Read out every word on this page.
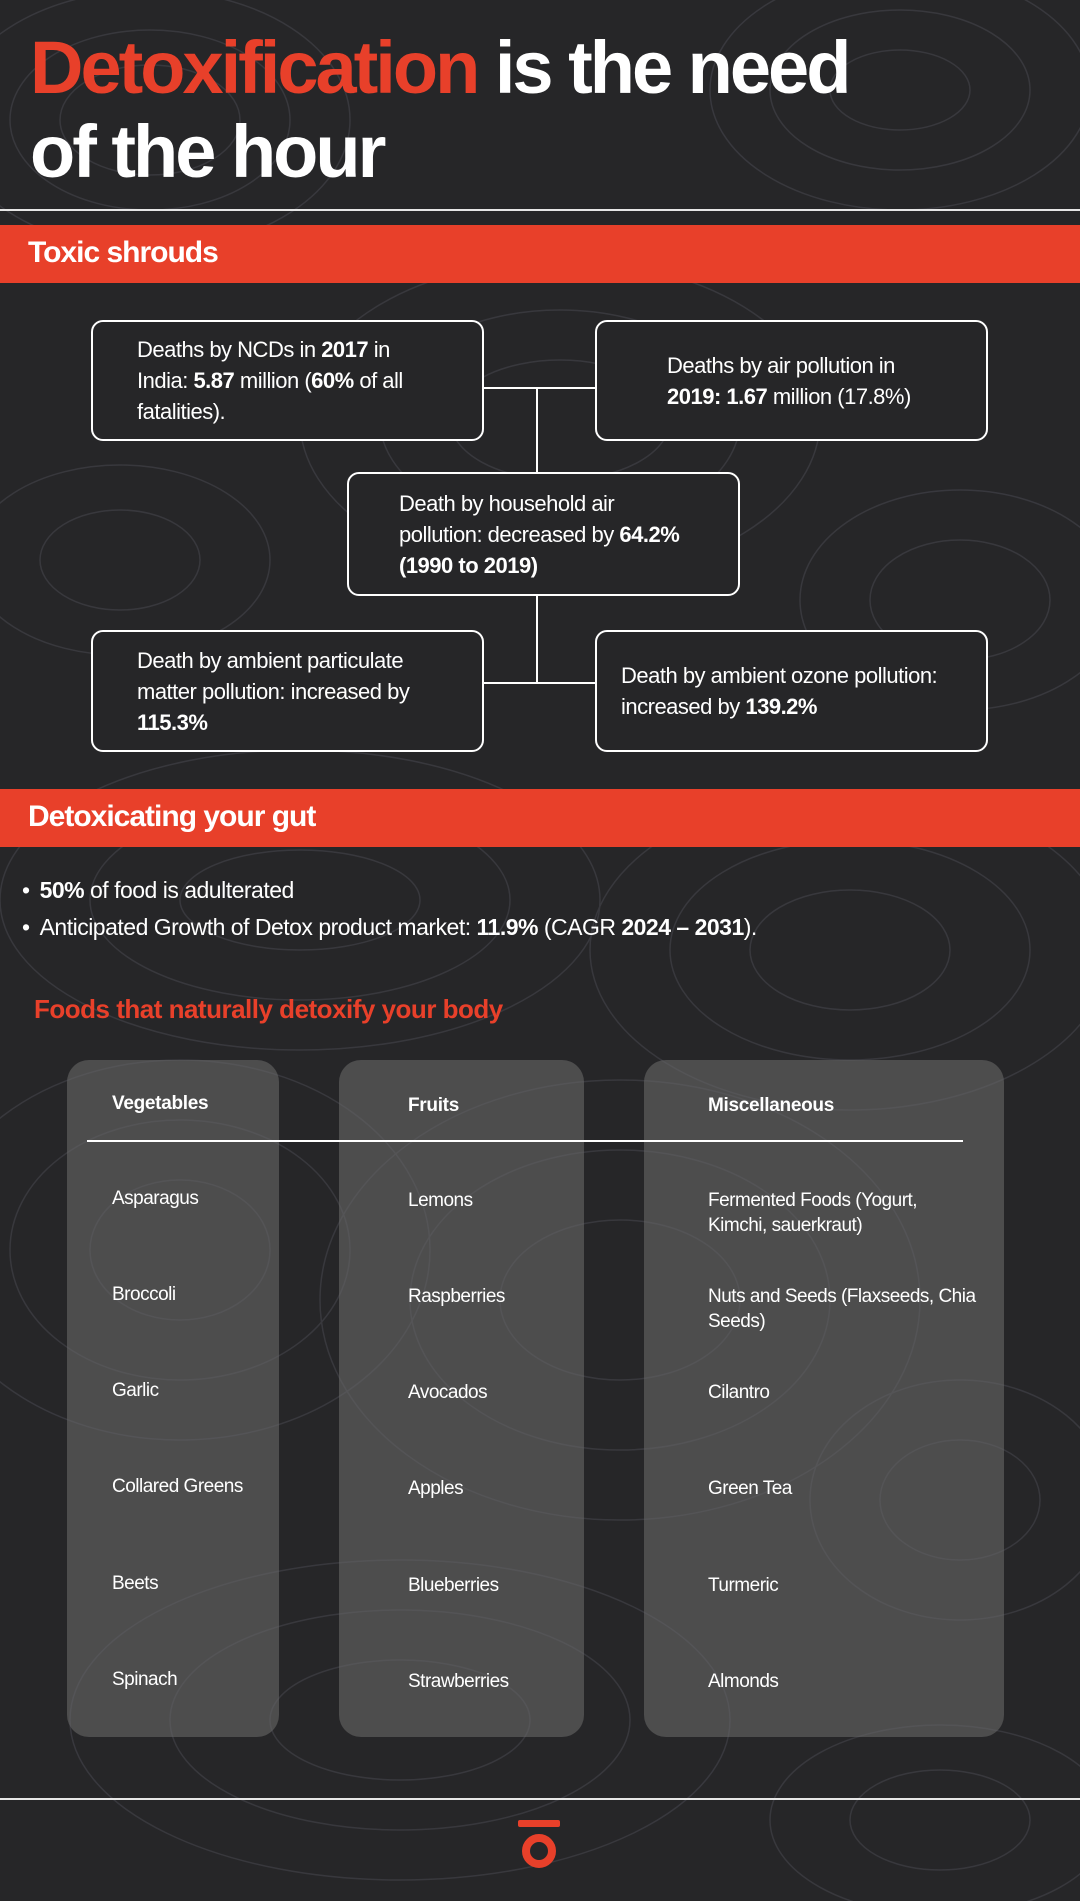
Detoxification is the need
of the hour
Toxic shrouds

Deaths by NCDs in 2017 in India: 5.87 million (60% of all fatalities).

Deaths by air pollution in 2019: 1.67 million (17.8%)

Death by household air pollution: decreased by 64.2% (1990 to 2019)

Death by ambient particulate matter pollution: increased by 115.3%

Death by ambient ozone pollution: increased by 139.2%

Detoxicating your gut
• 50% of food is adulterated
• Anticipated Growth of Detox product market: 11.9% (CAGR 2024 – 2031).
Foods that naturally detoxify your body
Vegetables	Fruits	Miscellaneous

Asparagus

Broccoli

Garlic

Collared Greens

Beets

Spinach

Lemons

Raspberries

Avocados

Apples

Blueberries

Strawberries

Fermented Foods (Yogurt, Kimchi, sauerkraut)

Nuts and Seeds (Flaxseeds, Chia Seeds)

Cilantro

Green Tea

Turmeric

Almonds
